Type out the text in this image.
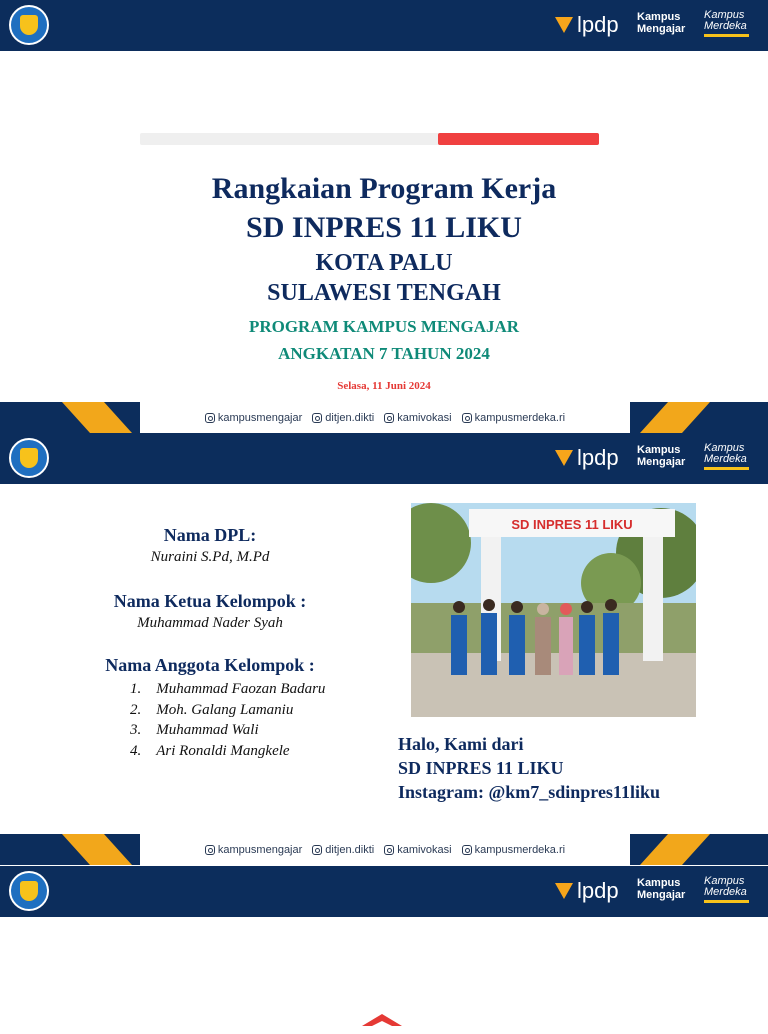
lpdp Kampus
Mengajar
Kampus
Merdeka
Rangkaian Program Kerja
SD INPRES 11 LIKU
KOTA PALU
SULAWESI TENGAH
PROGRAM KAMPUS MENGAJAR
ANGKATAN 7 TAHUN 2024
Selasa, 11 Juni 2024
kampusmengajar ditjen.dikti kamivokasi kampusmerdeka.ri
lpdp Kampus
Mengajar
Kampus
Merdeka
Nama DPL:
Nuraini S.Pd, M.Pd
Nama Ketua Kelompok :
Muhammad Nader Syah
Nama Anggota Kelompok :
1. Muhammad Faozan Badaru
2. Moh. Galang Lamaniu
3. Muhammad Wali
4. Ari Ronaldi Mangkele
SD INPRES 11 LIKU
Halo, Kami dari
SD INPRES 11 LIKU
Instagram: @km7_sdinpres11liku
kampusmengajar ditjen.dikti kamivokasi kampusmerdeka.ri
lpdp Kampus
Mengajar
Kampus
Merdeka
